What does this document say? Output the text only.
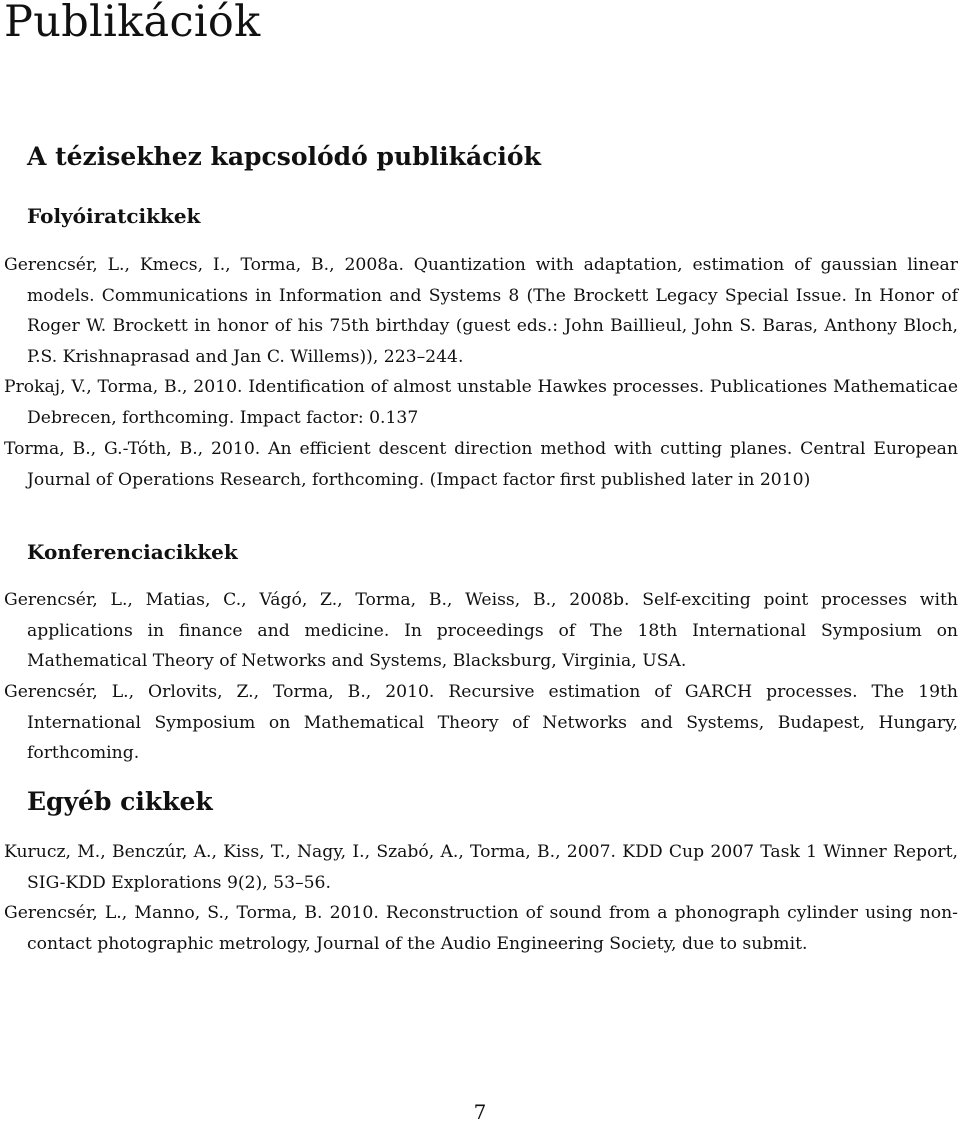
Publikációk
A tézisekhez kapcsolódó publikációk
Folyóiratcikkek

Gerencsér, L., Kmecs, I., Torma, B., 2008a. Quantization with adaptation, estimation of gaussian linear models. Communications in Information and Systems 8 (The Brockett Legacy Special Issue. In Honor of Roger W. Brockett in honor of his 75th birthday (guest eds.: John Baillieul, John S. Baras, Anthony Bloch, P.S. Krishnaprasad and Jan C. Willems)), 223–244.

Prokaj, V., Torma, B., 2010. Identification of almost unstable Hawkes processes. Publicationes Mathematicae Debrecen, forthcoming. Impact factor: 0.137

Torma, B., G.-Tóth, B., 2010. An efficient descent direction method with cutting planes. Central European Journal of Operations Research, forthcoming. (Impact factor first published later in 2010)

Konferenciacikkek

Gerencsér, L., Matias, C., Vágó, Z., Torma, B., Weiss, B., 2008b. Self-exciting point processes with applications in finance and medicine. In proceedings of The 18th International Symposium on Mathematical Theory of Networks and Systems, Blacksburg, Virginia, USA.

Gerencsér, L., Orlovits, Z., Torma, B., 2010. Recursive estimation of GARCH processes. The 19th International Symposium on Mathematical Theory of Networks and Systems, Budapest, Hungary, forthcoming.

Egyéb cikkek

Kurucz, M., Benczúr, A., Kiss, T., Nagy, I., Szabó, A., Torma, B., 2007. KDD Cup 2007 Task 1 Winner Report, SIG-KDD Explorations 9(2), 53–56.

Gerencsér, L., Manno, S., Torma, B. 2010. Reconstruction of sound from a phonograph cylinder using non-contact photographic metrology, Journal of the Audio Engineering Society, due to submit.

7
